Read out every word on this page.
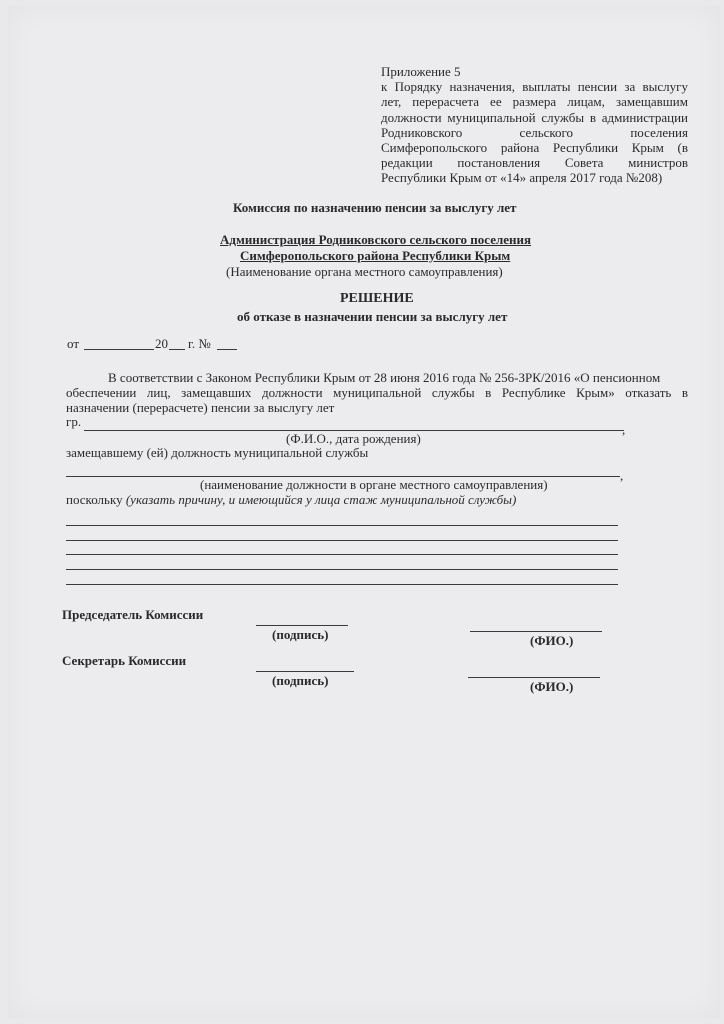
Приложение 5
к Порядку назначения, выплаты пенсии за выслугу
лет, перерасчета ее размера лицам, замещавшим
должности муниципальной службы в администрации
Родниковского сельского поселения
Симферопольского района Республики Крым (в
редакции постановления Совета министров
Республики Крым от «14» апреля 2017 года №208)
Комиссия по назначению пенсии за выслугу лет
Администрация Родниковского сельского поселения
Симферопольского района Республики Крым
(Наименование органа местного самоуправления)
РЕШЕНИЕ
об отказе в назначении пенсии за выслугу лет
от	20 г. №
В соответствии с Законом Республики Крым от 28 июня 2016 года № 256-ЗРК/2016 «О пенсионном
обеспечении лиц, замещавших должности муниципальной службы в Республике Крым» отказать в
назначении (перерасчете) пенсии за выслугу лет
гр.
,
(Ф.И.О., дата рождения)
замещавшему (ей) должность муниципальной службы
,
(наименование должности в органе местного самоуправления)
поскольку (указать причину, и имеющийся у лица стаж муниципальной службы)
Председатель Комиссии
(подпись)	(ФИО.)
Секретарь Комиссии
(подпись)	(ФИО.)
